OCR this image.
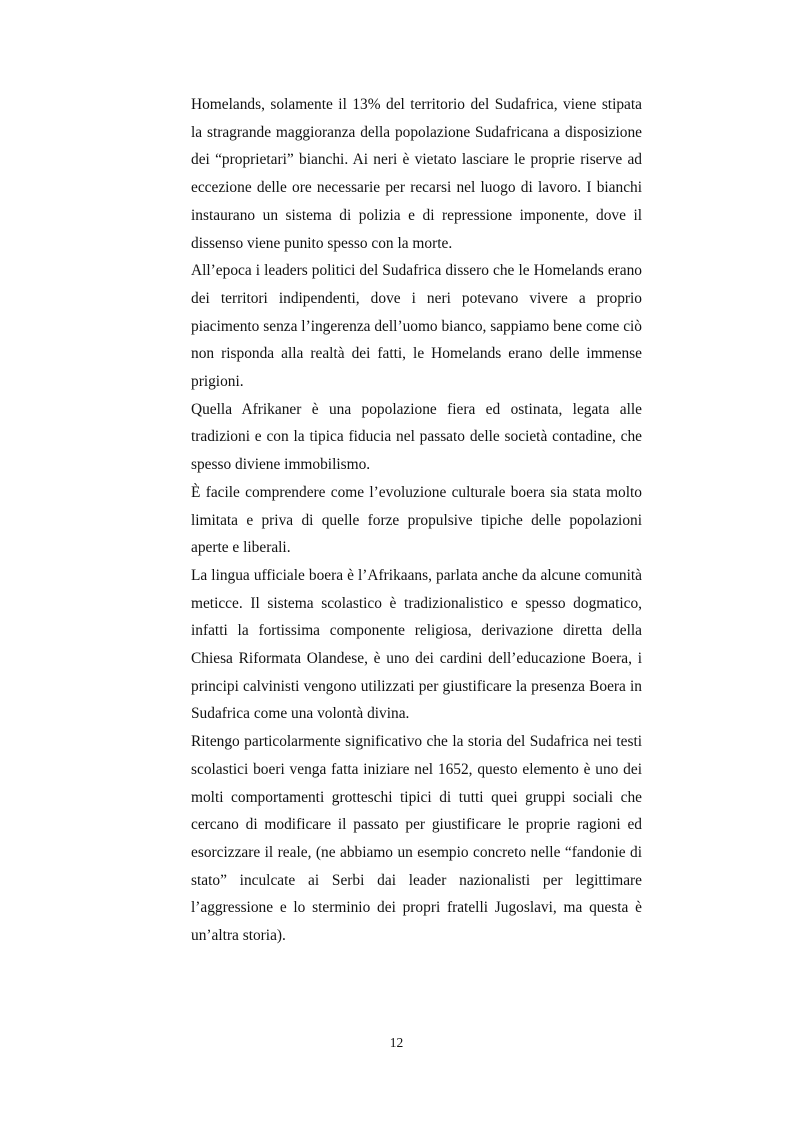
Homelands, solamente il 13% del territorio del Sudafrica, viene stipata la stragrande maggioranza della popolazione Sudafricana a disposizione dei “proprietari” bianchi. Ai neri è vietato lasciare le proprie riserve ad eccezione delle ore necessarie per recarsi nel luogo di lavoro. I bianchi instaurano un sistema di polizia e di repressione imponente, dove il dissenso viene punito spesso con la morte.

All’epoca i leaders politici del Sudafrica dissero che le Homelands erano dei territori indipendenti, dove i neri potevano vivere a proprio piacimento senza l’ingerenza dell’uomo bianco, sappiamo bene come ciò non risponda alla realtà dei fatti, le Homelands erano delle immense prigioni.

Quella Afrikaner è una popolazione fiera ed ostinata, legata alle tradizioni e con la tipica fiducia nel passato delle società contadine, che spesso diviene immobilismo.

È facile comprendere come l’evoluzione culturale boera sia stata molto limitata e priva di quelle forze propulsive tipiche delle popolazioni aperte e liberali.

La lingua ufficiale boera è l’Afrikaans, parlata anche da alcune comunità meticce. Il sistema scolastico è tradizionalistico e spesso dogmatico, infatti la fortissima componente religiosa, derivazione diretta della Chiesa Riformata Olandese, è uno dei cardini dell’educazione Boera, i principi calvinisti vengono utilizzati per giustificare la presenza Boera in Sudafrica come una volontà divina.

Ritengo particolarmente significativo che la storia del Sudafrica nei testi scolastici boeri venga fatta iniziare nel 1652, questo elemento è uno dei molti comportamenti grotteschi tipici di tutti quei gruppi sociali che cercano di modificare il passato per giustificare le proprie ragioni ed esorcizzare il reale, (ne abbiamo un esempio concreto nelle “fandonie di stato” inculcate ai Serbi dai leader nazionalisti per legittimare l’aggressione e lo sterminio dei propri fratelli Jugoslavi, ma questa è un’altra storia).

12
